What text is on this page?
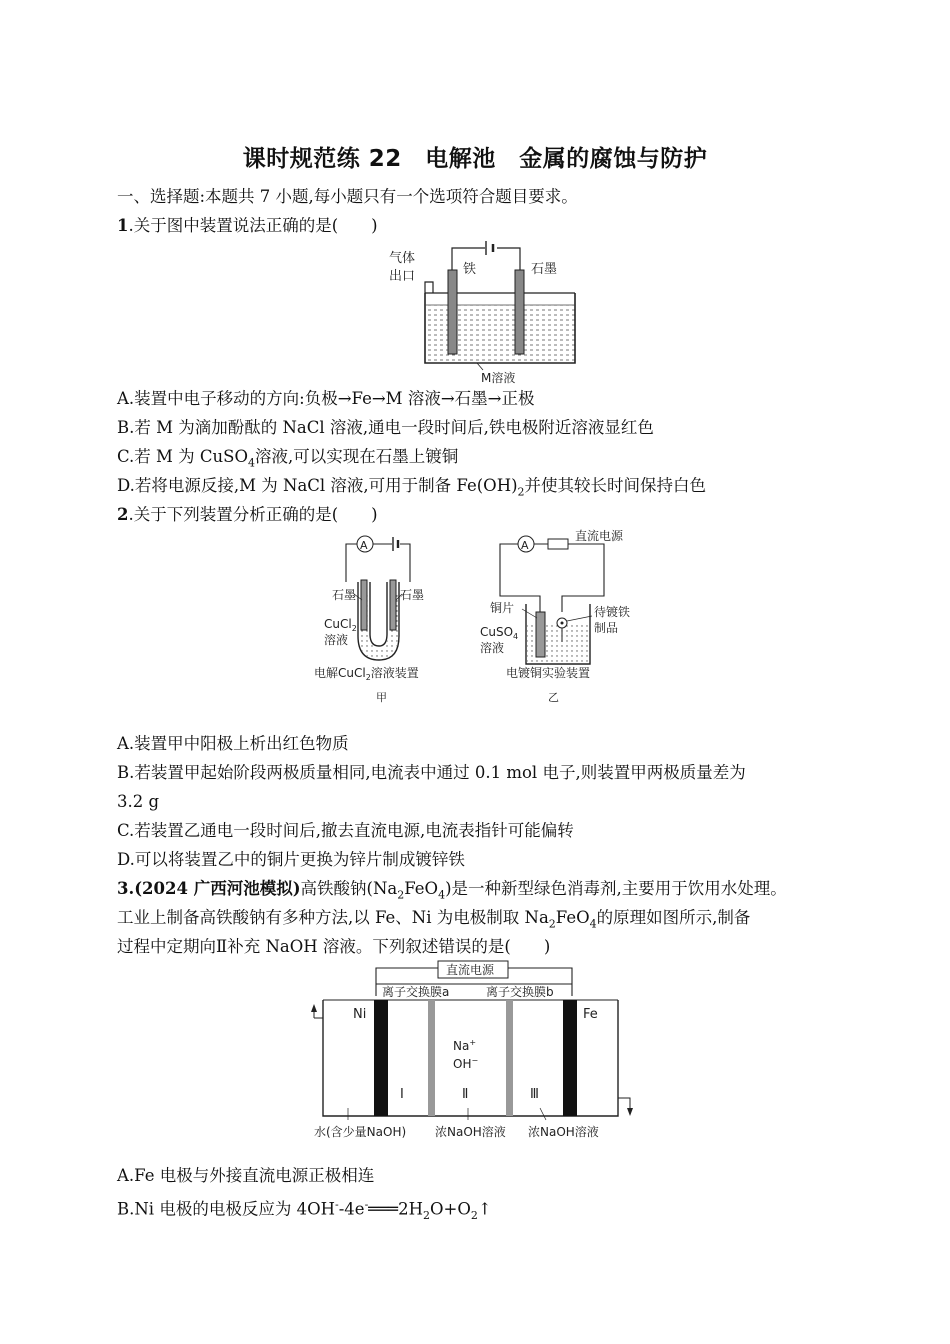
课时规范练 22　电解池　金属的腐蚀与防护
一、选择题:本题共 7 小题,每小题只有一个选项符合题目要求。
1.关于图中装置说法正确的是(　　)
气体
出口	铁	石墨
M溶液
A.装置中电子移动的方向:负极→Fe→M 溶液→石墨→正极
B.若 M 为滴加酚酞的 NaCl 溶液,通电一段时间后,铁电极附近溶液显红色
C.若 M 为 CuSO$_4$溶液,可以实现在石墨上镀铜
D.若将电源反接,M 为 NaCl 溶液,可用于制备 $Fe(OH)_2$并使其较长时间保持白色
2.关于下列装置分析正确的是(　　)
A
石墨	石墨
CuCl$_2$
溶液
电解CuCl$_2$溶液装置
甲
A
直流电源
铜片
CuSO$_4$
溶液
待镀铁
制品
电镀铜实验装置
乙
A.装置甲中阳极上析出红色物质
B.若装置甲起始阶段两极质量相同,电流表中通过 0.1 mol 电子,则装置甲两极质量差为
3.2 g
C.若装置乙通电一段时间后,撤去直流电源,电流表指针可能偏转
D.可以将装置乙中的铜片更换为锌片制成镀锌铁
3.(2024 广西河池模拟)高铁酸钠$(Na_2FeO_4)$是一种新型绿色消毒剂,主要用于饮用水处理。
工业上制备高铁酸钠有多种方法,以 Fe、Ni 为电极制取 $Na_2FeO_4$的原理如图所示,制备
过程中定期向Ⅱ补充 NaOH 溶液。下列叙述错误的是(　　)
直流电源
离子交换膜a	离子交换膜b
Ni	Fe
Na+
OH−
Ⅰ	Ⅱ	Ⅲ
水(含少量NaOH) 浓NaOH溶液 浓NaOH溶液
A.Fe 电极与外接直流电源正极相连
B.Ni 电极的电极反应为 $4OH^--4e^-═══2H_2O+O_2↑$
